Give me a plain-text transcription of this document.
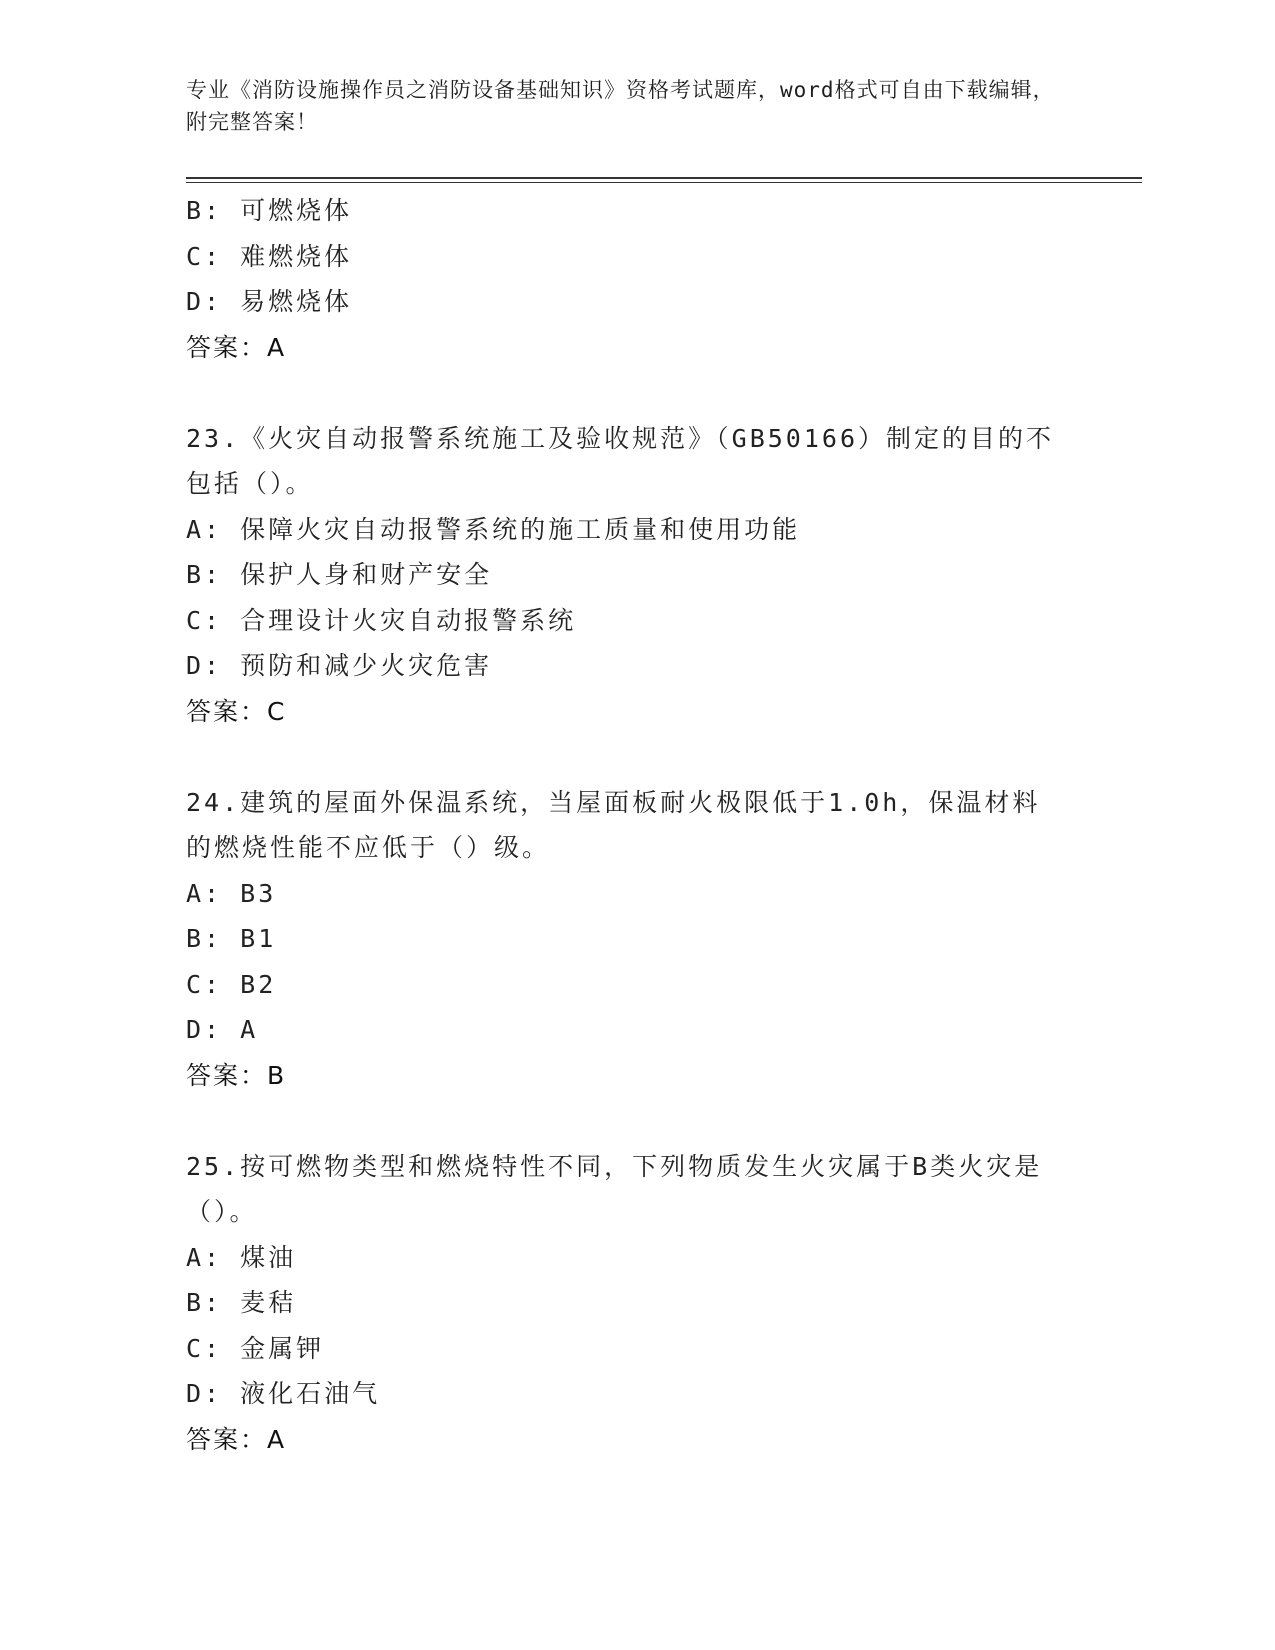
专业《消防设施操作员之消防设备基础知识》资格考试题库，word格式可自由下载编辑，附完整答案！
B: 可燃烧体
C: 难燃烧体
D: 易燃烧体
答案：A
23.《火灾自动报警系统施工及验收规范》（GB50166）制定的目的不包括（）。
A: 保障火灾自动报警系统的施工质量和使用功能
B: 保护人身和财产安全
C: 合理设计火灾自动报警系统
D: 预防和减少火灾危害
答案：C
24.建筑的屋面外保温系统，当屋面板耐火极限低于1.0h，保温材料的燃烧性能不应低于（）级。
A: B3
B: B1
C: B2
D: A
答案：B
25.按可燃物类型和燃烧特性不同，下列物质发生火灾属于B类火灾是（）。
A: 煤油
B: 麦秸
C: 金属钾
D: 液化石油气
答案：A
